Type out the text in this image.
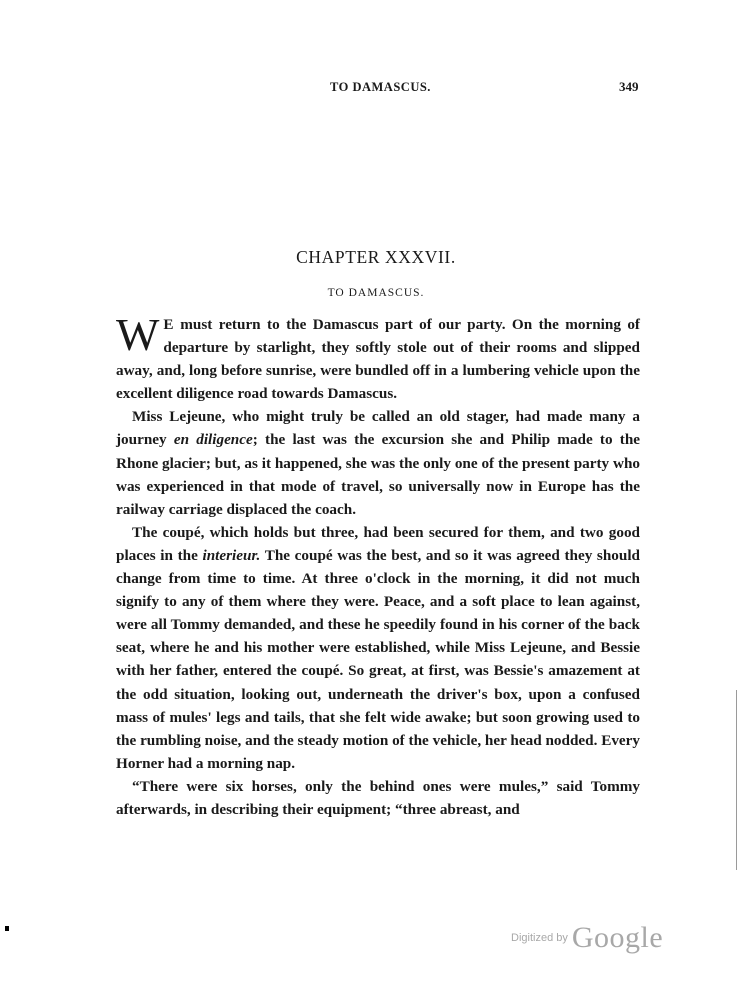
TO DAMASCUS.	349
CHAPTER XXXVII.
TO DAMASCUS.

W E must return to the Damascus part of our party. On the morning of departure by starlight, they softly stole out of their rooms and slipped away, and, long before sunrise, were bundled off in a lumbering vehicle upon the excellent diligence road towards Damascus.

Miss Lejeune, who might truly be called an old stager, had made many a journey en diligence; the last was the excursion she and Philip made to the Rhone glacier; but, as it happened, she was the only one of the present party who was experienced in that mode of travel, so universally now in Europe has the railway carriage displaced the coach.

The coupé, which holds but three, had been secured for them, and two good places in the interieur. The coupé was the best, and so it was agreed they should change from time to time. At three o'clock in the morning, it did not much signify to any of them where they were. Peace, and a soft place to lean against, were all Tommy demanded, and these he speedily found in his corner of the back seat, where he and his mother were established, while Miss Lejeune, and Bessie with her father, entered the coupé. So great, at first, was Bessie's amazement at the odd situation, looking out, underneath the driver's box, upon a confused mass of mules' legs and tails, that she felt wide awake; but soon growing used to the rumbling noise, and the steady motion of the vehicle, her head nodded. Every Horner had a morning nap.

“There were six horses, only the behind ones were mules,” said Tommy afterwards, in describing their equipment; “three abreast, and

Digitized by Google
